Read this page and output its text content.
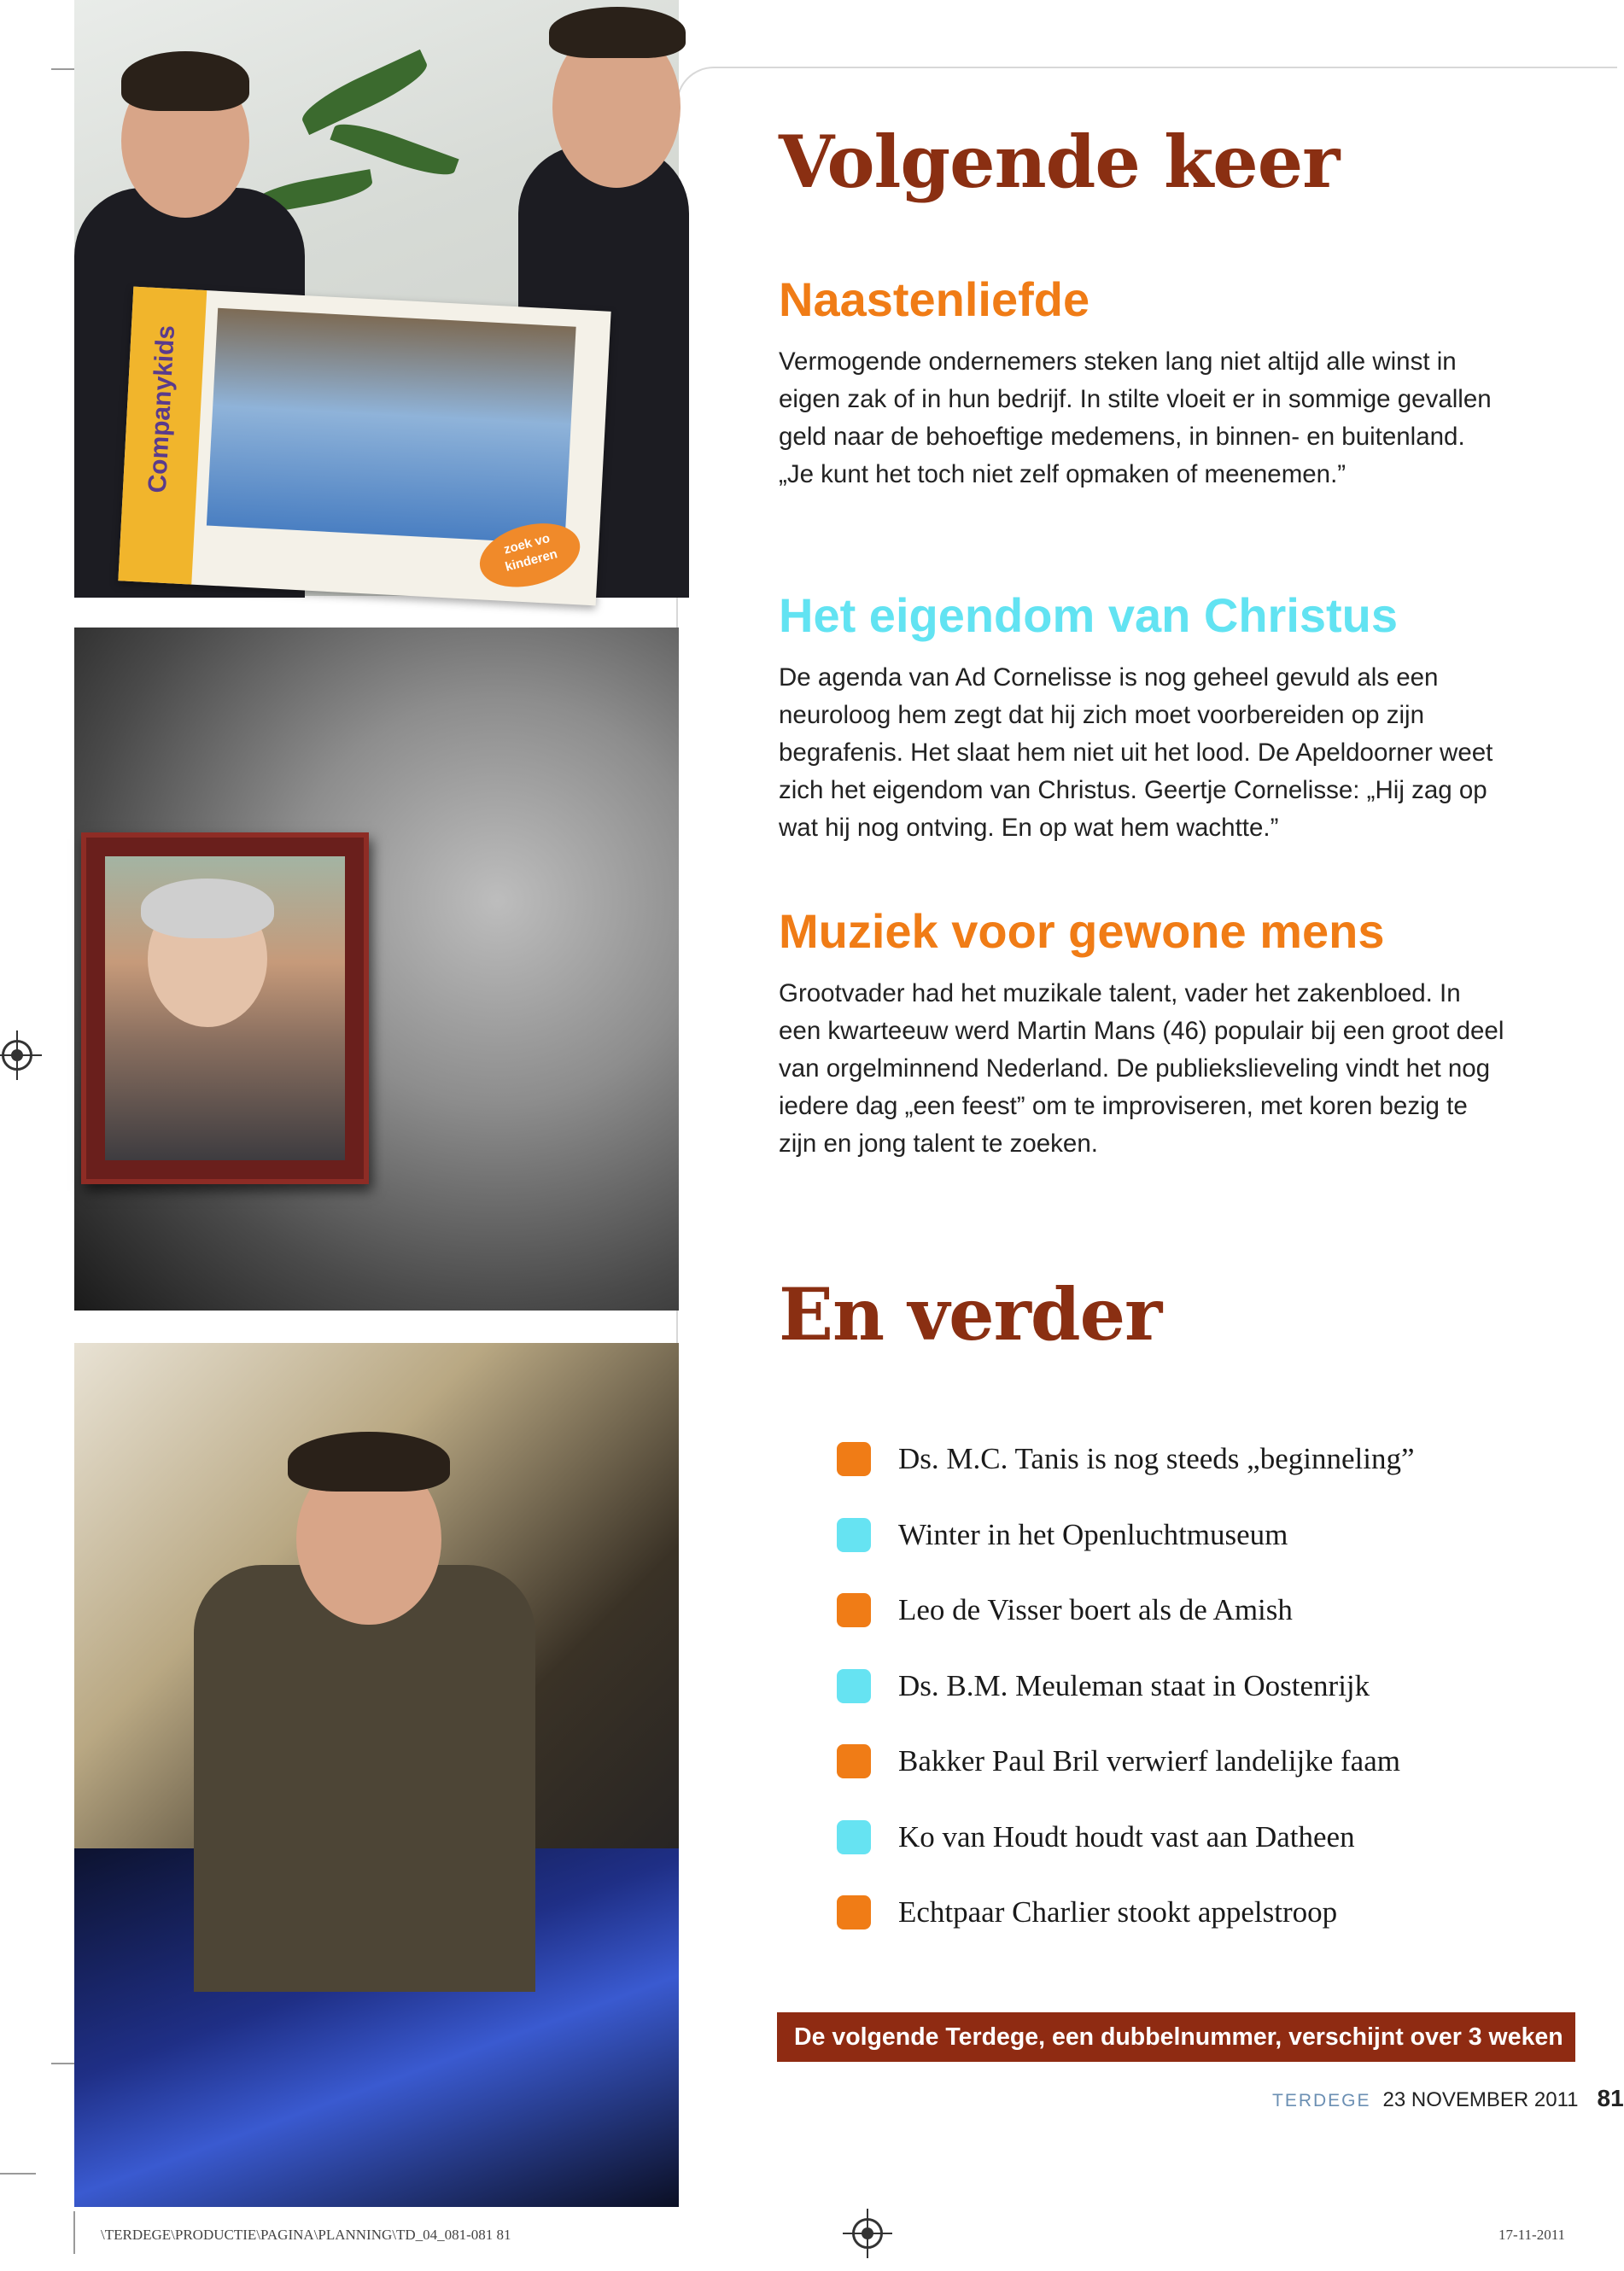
Companykids
zoek vo kinderen
Volgende keer
Naastenliefde

Vermogende ondernemers steken lang niet altijd alle winst in eigen zak of in hun bedrijf. In stilte vloeit er in sommige gevallen geld naar de behoeftige medemens, in binnen- en buitenland. „Je kunt het toch niet zelf opmaken of meenemen.”

Het eigendom van Christus

De agenda van Ad Cornelisse is nog geheel gevuld als een neuroloog hem zegt dat hij zich moet voorbereiden op zijn begrafenis. Het slaat hem niet uit het lood. De Apeldoorner weet zich het eigendom van Christus. Geertje Cornelisse: „Hij zag op wat hij nog ontving. En op wat hem wachtte.”

Muziek voor gewone mens

Grootvader had het muzikale talent, vader het zakenbloed. In een kwarteeuw werd Martin Mans (46) populair bij een groot deel van orgelminnend Nederland. De publiekslieveling vindt het nog iedere dag „een feest” om te improviseren, met koren bezig te zijn en jong talent te zoeken.

En verder
Ds. M.C. Tanis is nog steeds „beginneling”
Winter in het Openluchtmuseum
Leo de Visser boert als de Amish
Ds. B.M. Meuleman staat in Oostenrijk
Bakker Paul Bril verwierf landelijke faam
Ko van Houdt houdt vast aan Datheen
Echtpaar Charlier stookt appelstroop
De volgende Terdege, een dubbelnummer, verschijnt over 3 weken
TERDEGE 23 NOVEMBER 2011 81
\TERDEGE\PRODUCTIE\PAGINA\PLANNING\TD_04_081-081 81	17-11-2011
